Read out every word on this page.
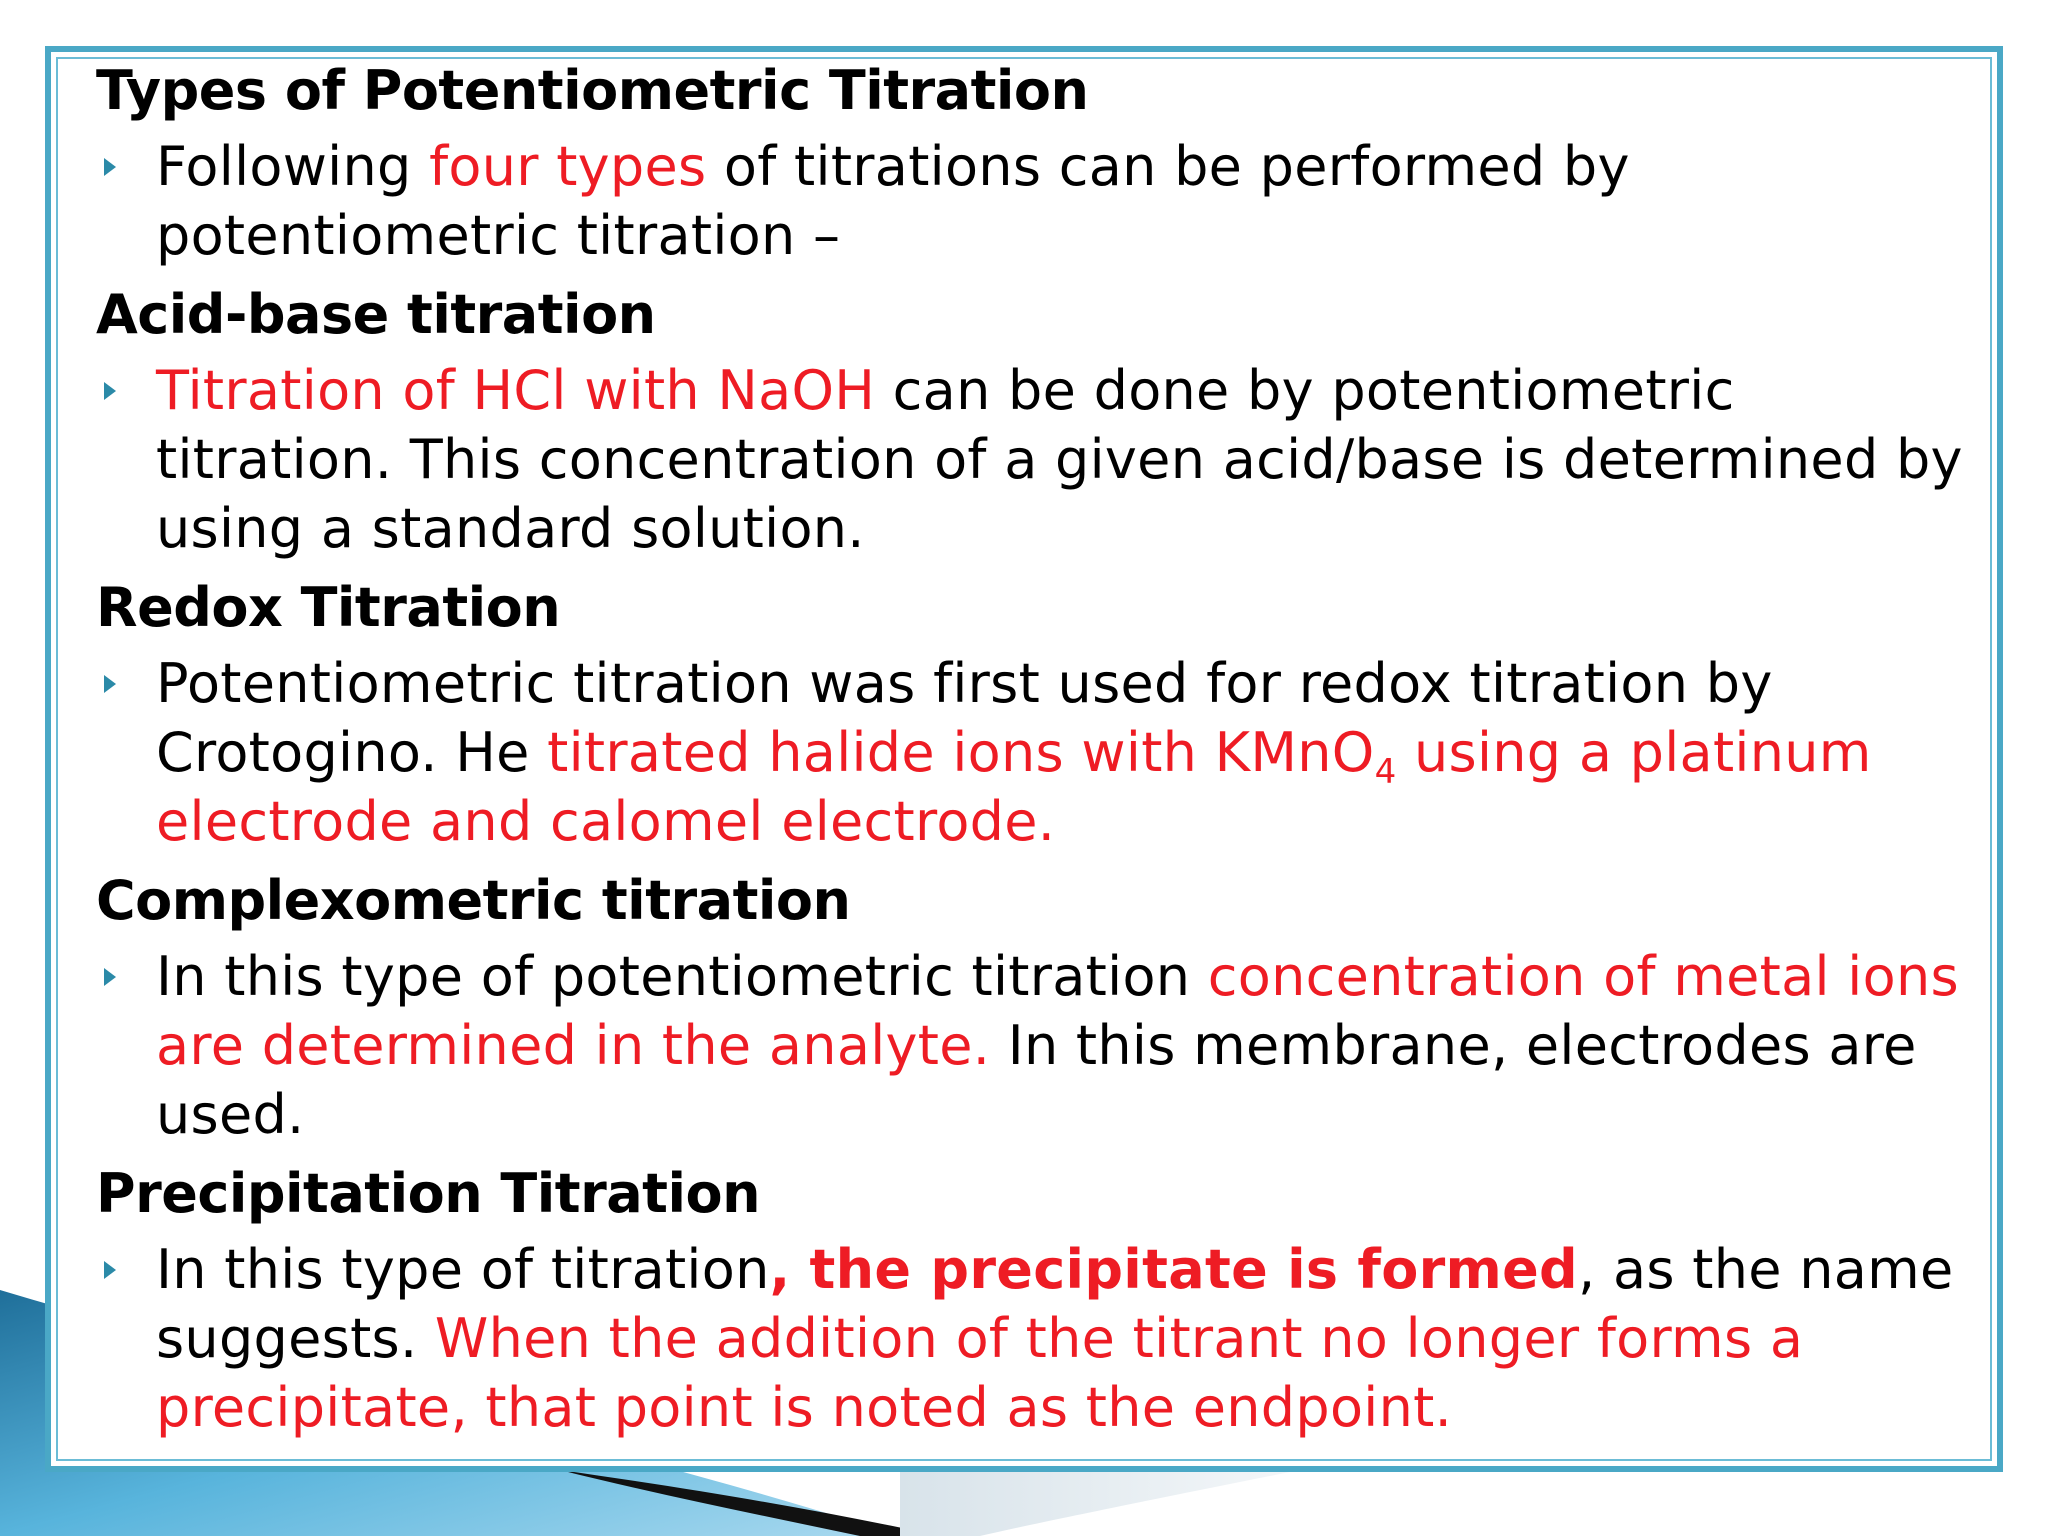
Types of Potentiometric Titration

Following four types of titrations can be performed by potentiometric titration –

Acid-base titration

Titration of HCl with NaOH can be done by potentiometric titration. This concentration of a given acid/base is determined by using a standard solution.

Redox Titration

Potentiometric titration was first used for redox titration by Crotogino. He titrated halide ions with KMnO$_4$ using a platinum electrode and calomel electrode.

Complexometric titration

In this type of potentiometric titration concentration of metal ions are determined in the analyte. In this membrane, electrodes are used.

Precipitation Titration

In this type of titration, the precipitate is formed, as the name suggests. When the addition of the titrant no longer forms a precipitate, that point is noted as the endpoint.
